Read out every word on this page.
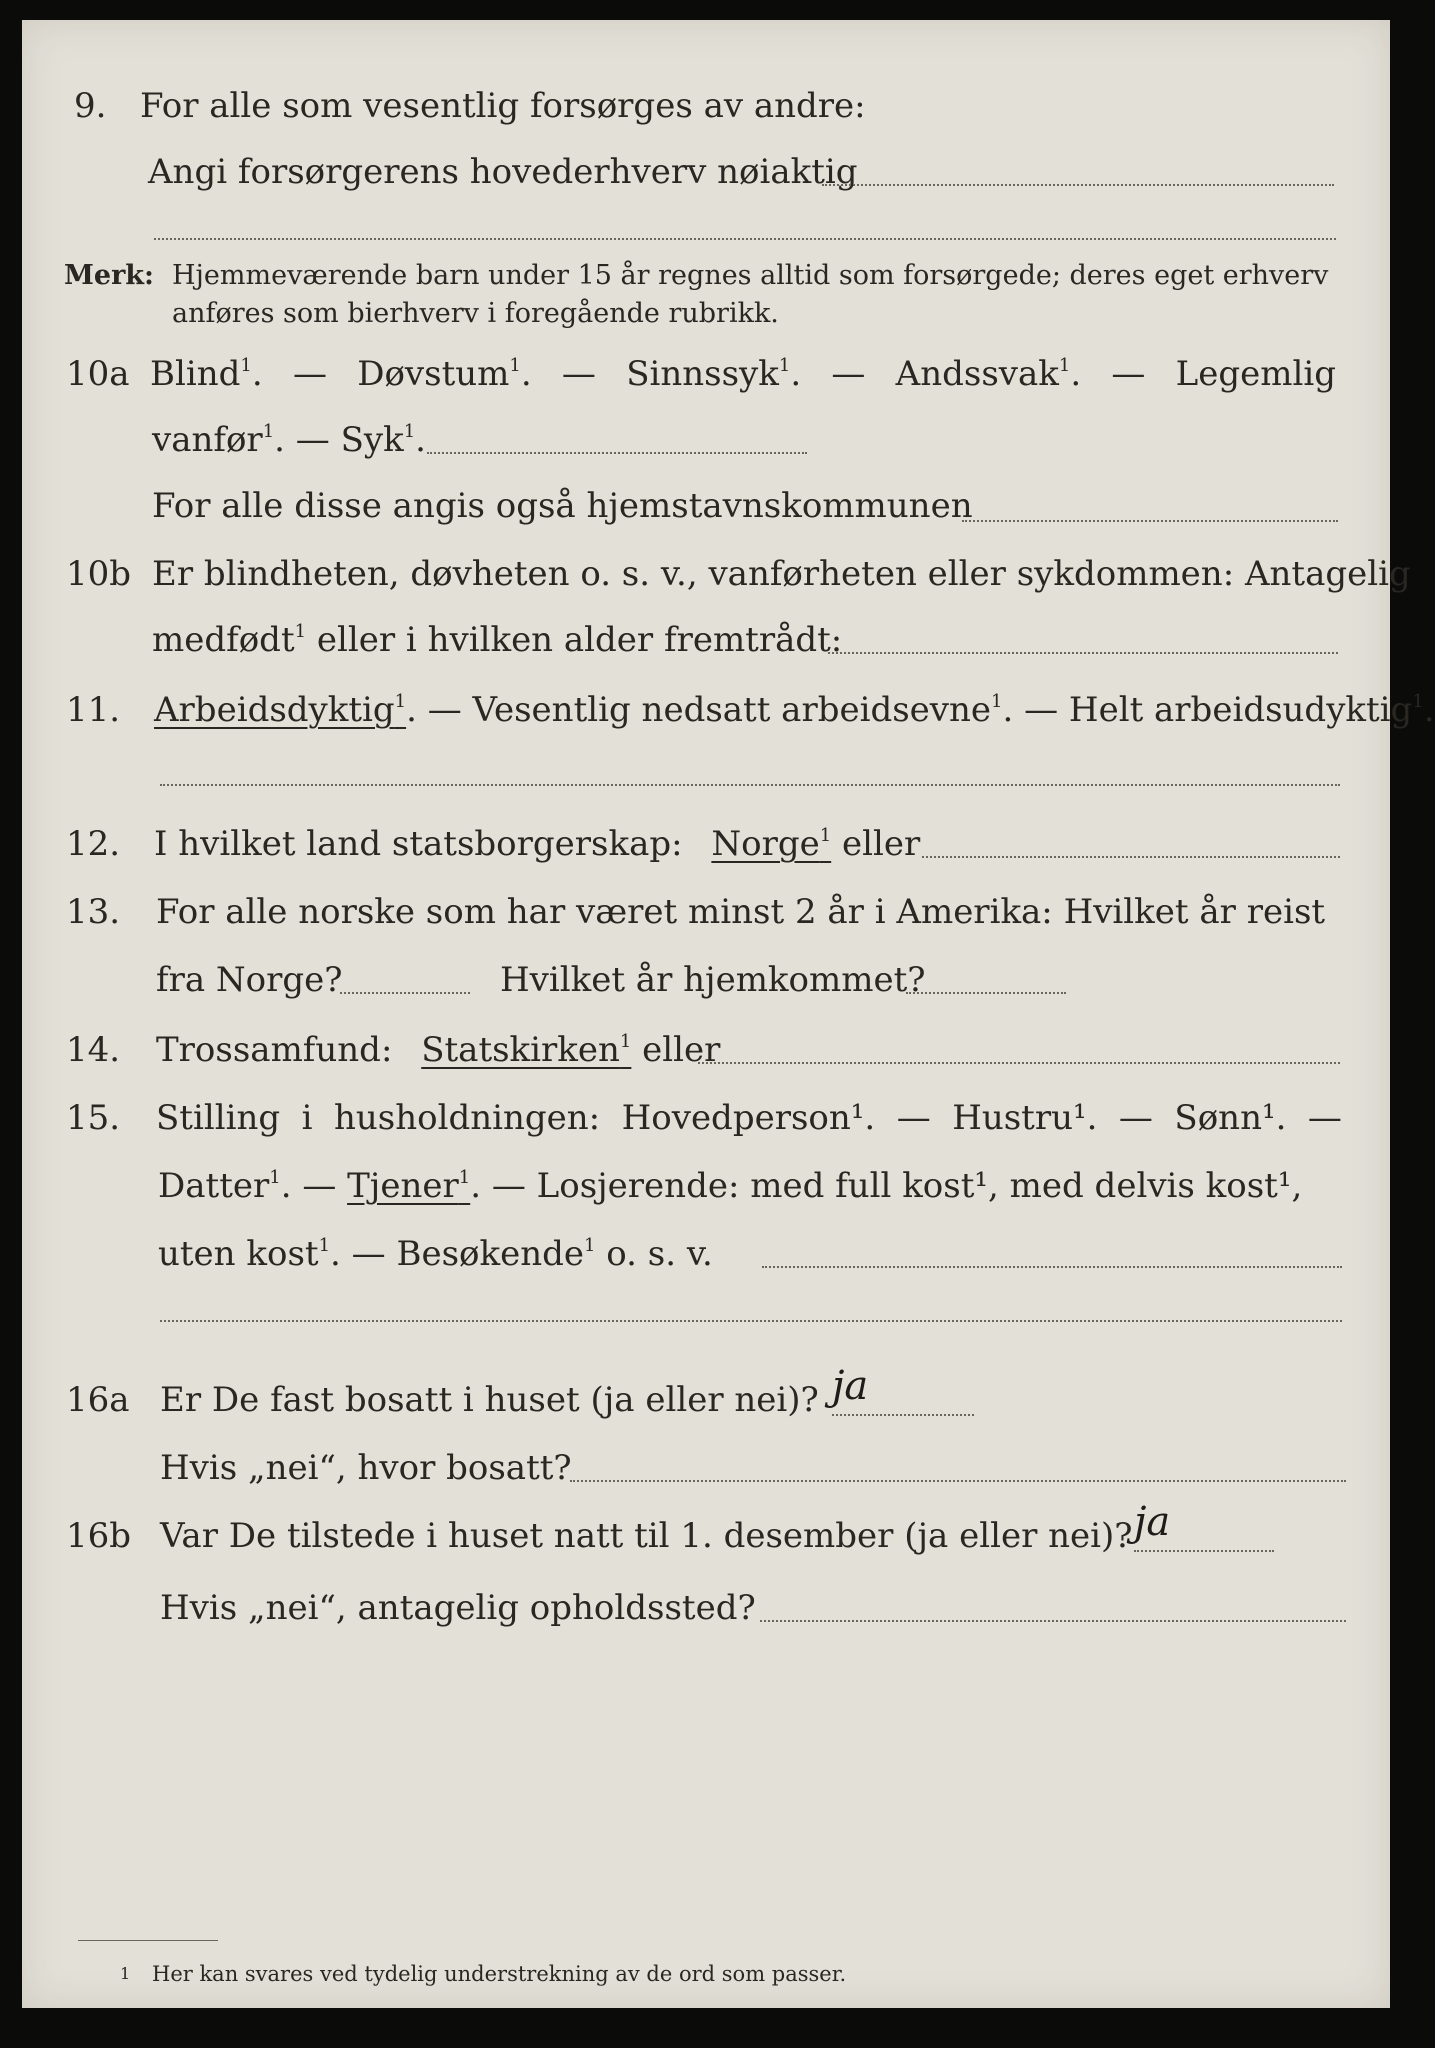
9. For alle som vesentlig forsørges av andre:
Angi forsørgerens hovederhverv nøiaktig
Merk: Hjemmeværende barn under 15 år regnes alltid som forsørgede; deres eget erhverv
anføres som bierhverv i foregående rubrikk.
10a Blind$^1$. — Døvstum$^1$. — Sinnssyk$^1$. — Andssvak$^1$. — Legemlig
vanfør$^1$. — Syk$^1$.
For alle disse angis også hjemstavnskommunen
10b Er blindheten, døvheten o. s. v., vanførheten eller sykdommen: Antagelig
medfødt$^1$ eller i hvilken alder fremtrådt:
11. Arbeidsdyktig$^1$. — Vesentlig nedsatt arbeidsevne$^1$. — Helt arbeidsudyktig$^1$.
12. I hvilket land statsborgerskap: Norge$^1$ eller
13. For alle norske som har været minst 2 år i Amerika: Hvilket år reist
fra Norge?	Hvilket år hjemkommet?
14. Trossamfund: Statskirken$^1$ eller
15. Stilling i husholdningen: Hovedperson¹. — Hustru¹. — Sønn¹. —
Datter$^1$. — Tjener$^1$. — Losjerende: med full kost¹, med delvis kost¹,
uten kost$^1$. — Besøkende$^1$ o. s. v.
16a Er De fast bosatt i huset (ja eller nei)? ja
Hvis „nei“, hvor bosatt?
16b Var De tilstede i huset natt til 1. desember (ja eller nei)? ja
Hvis „nei“, antagelig opholdssted?
1 Her kan svares ved tydelig understrekning av de ord som passer.
